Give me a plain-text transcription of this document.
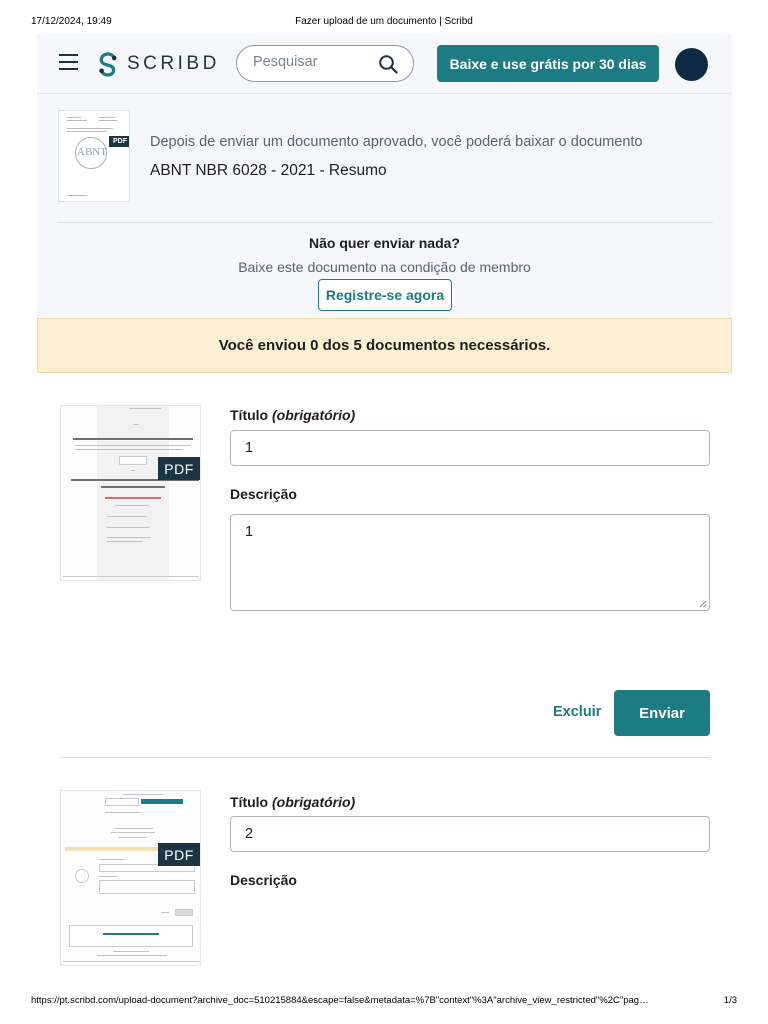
17/12/2024, 19:49	Fazer upload de um documento | Scribd
SCRIBD
Pesquisar	Baixe e use grátis por 30 dias
ABNT
PDF Depois de enviar um documento aprovado, você poderá baixar o documento
ABNT NBR 6028 - 2021 - Resumo
Não quer enviar nada?
Baixe este documento na condição de membro
Registre-se agora
Você enviou 0 dos 5 documentos necessários.
PDF
Título (obrigatório)
1
Descrição
1
Excluir	Enviar
PDF
Título (obrigatório)
2
Descrição
https://pt.scribd.com/upload-document?archive_doc=510215884&escape=false&metadata=%7B"context"%3A"archive_view_restricted"%2C"pag…	1/3
